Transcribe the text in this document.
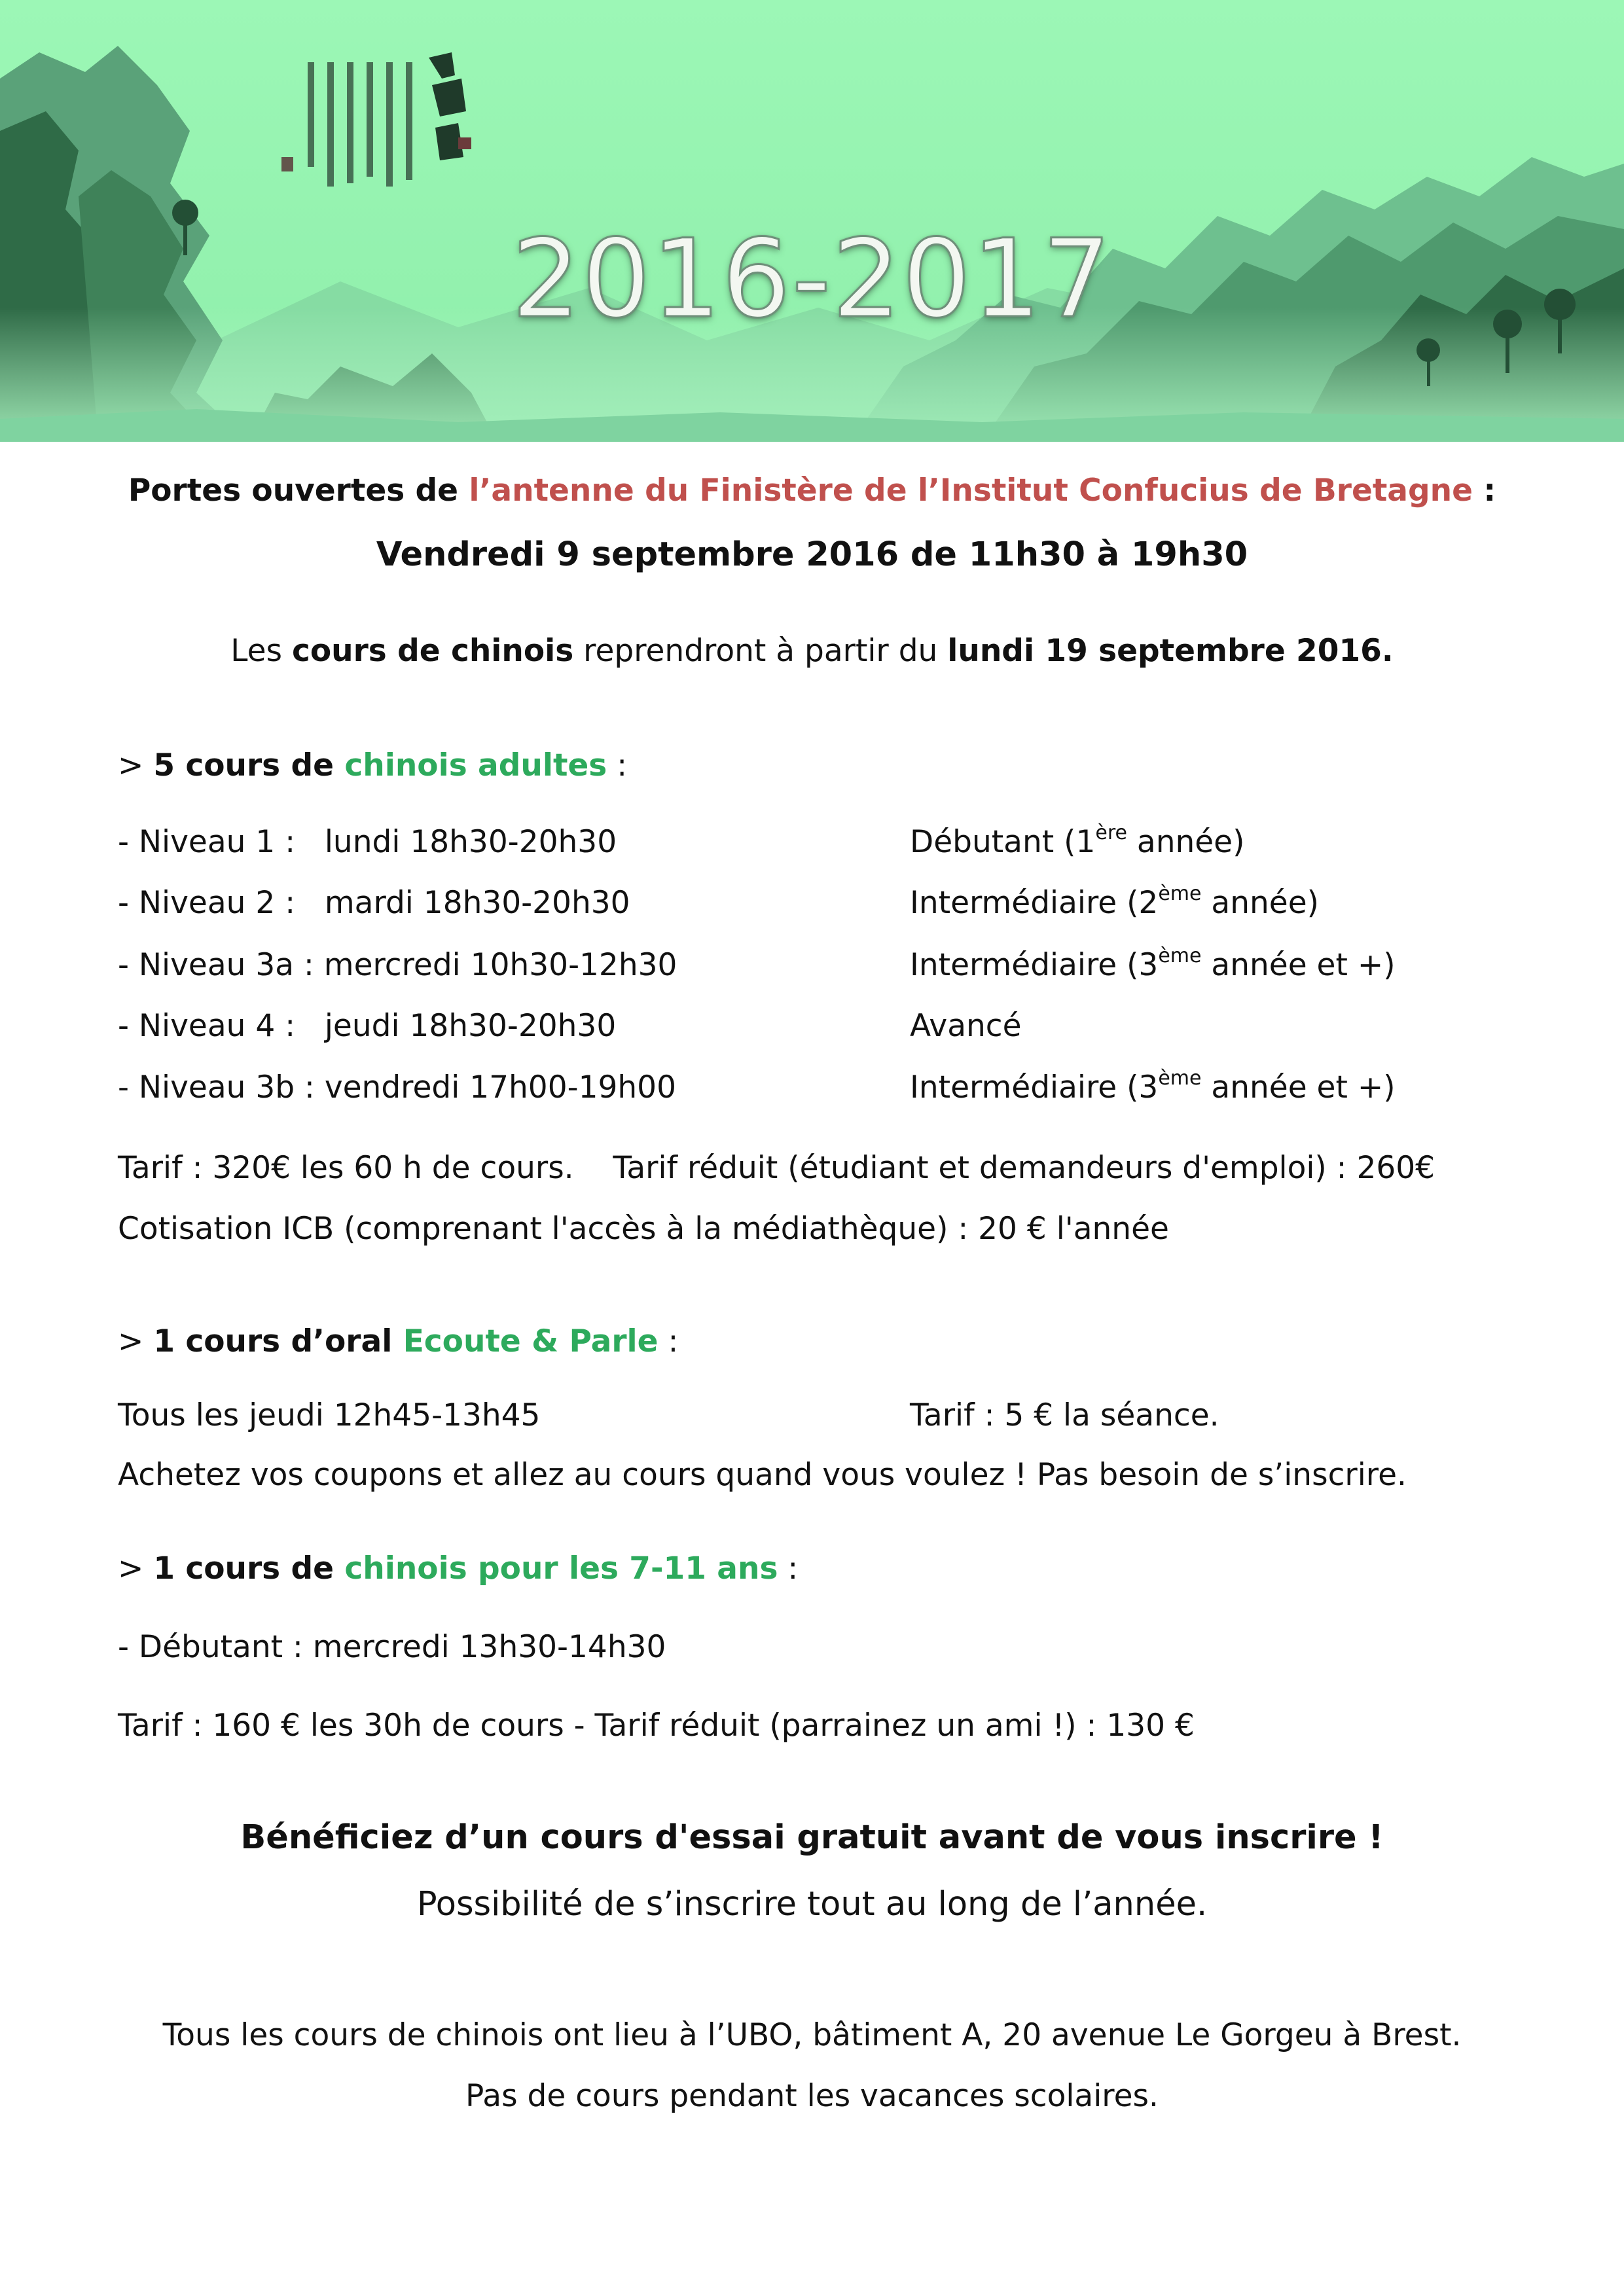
2016-2017
Portes ouvertes de l’antenne du Finistère de l’Institut Confucius de Bretagne :
Vendredi 9 septembre 2016 de 11h30 à 19h30
Les cours de chinois reprendront à partir du lundi 19 septembre 2016.
> 5 cours de chinois adultes :
- Niveau 1 :   lundi 18h30-20h30	Débutant (1ère année)
- Niveau 2 :   mardi 18h30-20h30	Intermédiaire (2ème année)
- Niveau 3a : mercredi 10h30-12h30	Intermédiaire (3ème année et +)
- Niveau 4 :   jeudi 18h30-20h30	Avancé
- Niveau 3b : vendredi 17h00-19h00	Intermédiaire (3ème année et +)
Tarif : 320€ les 60 h de cours.    Tarif réduit (étudiant et demandeurs d'emploi) : 260€
Cotisation ICB (comprenant l'accès à la médiathèque) : 20 € l'année
> 1 cours d’oral Ecoute & Parle :
Tous les jeudi 12h45-13h45	Tarif : 5 € la séance.
Achetez vos coupons et allez au cours quand vous voulez ! Pas besoin de s’inscrire.
> 1 cours de chinois pour les 7-11 ans :
- Débutant : mercredi 13h30-14h30
Tarif : 160 € les 30h de cours - Tarif réduit (parrainez un ami !) : 130 €
Bénéficiez d’un cours d'essai gratuit avant de vous inscrire !
Possibilité de s’inscrire tout au long de l’année.
Tous les cours de chinois ont lieu à l’UBO, bâtiment A, 20 avenue Le Gorgeu à Brest.
Pas de cours pendant les vacances scolaires.
